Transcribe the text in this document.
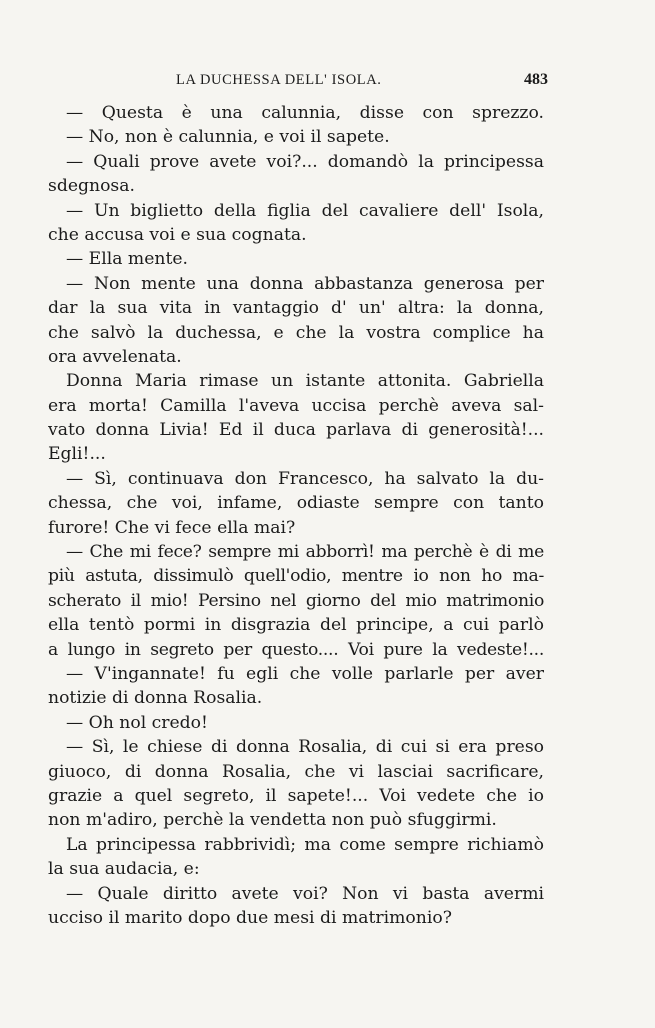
LA DUCHESSA DELL' ISOLA.	483
— Questa è una calunnia, disse con sprezzo.
— No, non è calunnia, e voi il sapete.
— Quali prove avete voi?... domandò la principessa
sdegnosa.
— Un biglietto della figlia del cavaliere dell' Isola,
che accusa voi e sua cognata.
— Ella mente.
— Non mente una donna abbastanza generosa per
dar la sua vita in vantaggio d' un' altra: la donna,
che salvò la duchessa, e che la vostra complice ha
ora avvelenata.
Donna Maria rimase un istante attonita. Gabriella
era morta! Camilla l'aveva uccisa perchè aveva sal-
vato donna Livia! Ed il duca parlava di generosità!...
Egli!...
— Sì, continuava don Francesco, ha salvato la du-
chessa, che voi, infame, odiaste sempre con tanto
furore! Che vi fece ella mai?
— Che mi fece? sempre mi abborrì! ma perchè è di me
più astuta, dissimulò quell'odio, mentre io non ho ma-
scherato il mio! Persino nel giorno del mio matrimonio
ella tentò pormi in disgrazia del principe, a cui parlò
a lungo in segreto per questo.... Voi pure la vedeste!...
— V'ingannate! fu egli che volle parlarle per aver
notizie di donna Rosalia.
— Oh nol credo!
— Sì, le chiese di donna Rosalia, di cui si era preso
giuoco, di donna Rosalia, che vi lasciai sacrificare,
grazie a quel segreto, il sapete!... Voi vedete che io
non m'adiro, perchè la vendetta non può sfuggirmi.
La principessa rabbrividì; ma come sempre richiamò
la sua audacia, e:
— Quale diritto avete voi? Non vi basta avermi
ucciso il marito dopo due mesi di matrimonio?
